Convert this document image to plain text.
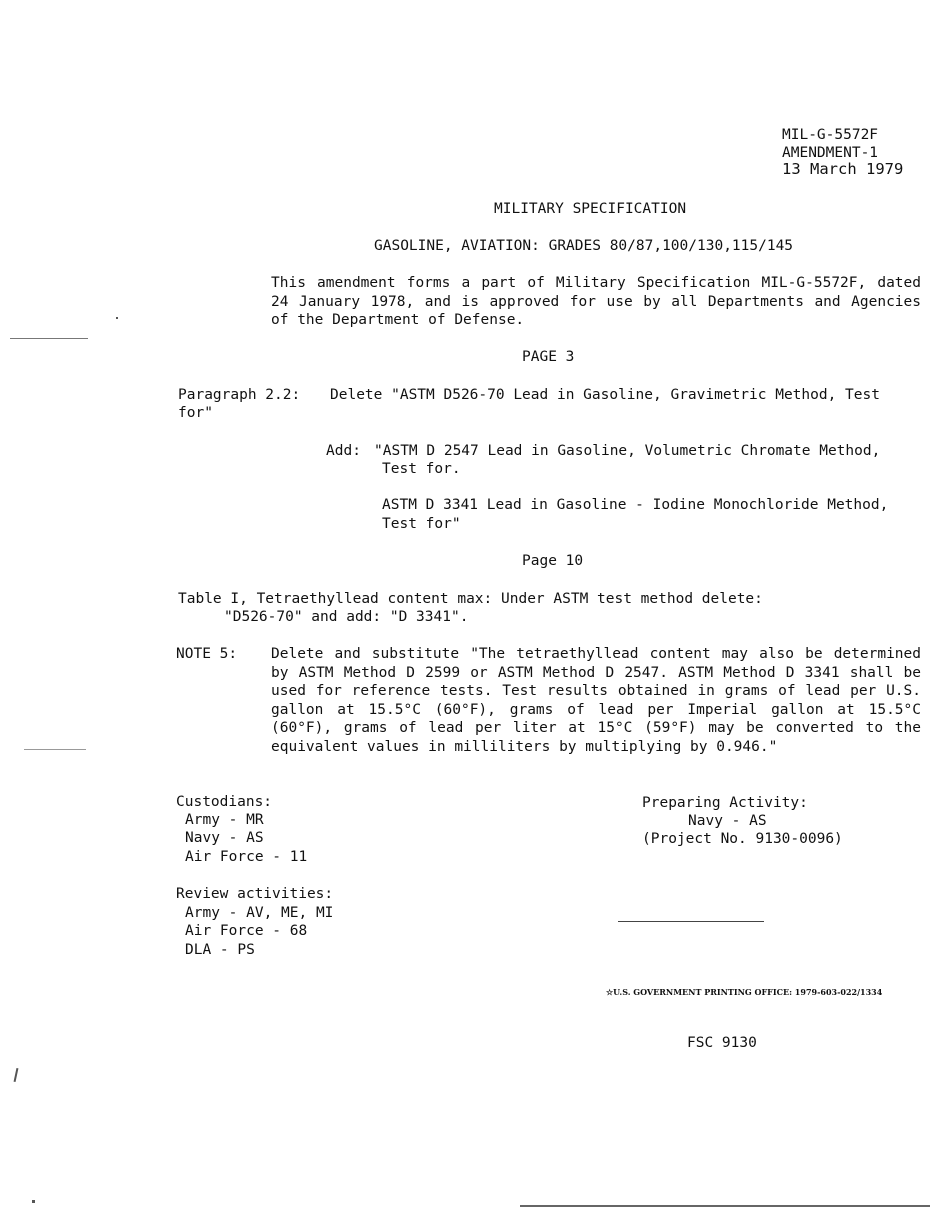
MIL-G-5572F
AMENDMENT-1
13 March 1979
MILITARY SPECIFICATION
GASOLINE, AVIATION: GRADES 80/87,100/130,115/145
This amendment forms a part of Military Specification MIL-G-5572F, dated 24 January 1978, and is approved for use by all Departments and Agencies of the Department of Defense.
PAGE 3
Paragraph 2.2: Delete "ASTM D526-70 Lead in Gasoline, Gravimetric Method, Test
for"
Add: "ASTM D 2547 Lead in Gasoline, Volumetric Chromate Method,
Test for.
ASTM D 3341 Lead in Gasoline - Iodine Monochloride Method,
Test for"
Page 10
Table I, Tetraethyllead content max: Under ASTM test method delete:
"D526-70" and add: "D 3341".
NOTE 5: Delete and substitute "The tetraethyllead content may also be determined by ASTM Method D 2599 or ASTM Method D 2547. ASTM Method D 3341 shall be used for reference tests. Test results obtained in grams of lead per U.S. gallon at 15.5°C (60°F), grams of lead per Imperial gallon at 15.5°C (60°F), grams of lead per liter at 15°C (59°F) may be converted to the equivalent values in milliliters by multiplying by 0.946."
Custodians:
Army - MR
Navy - AS
Air Force - 11
Preparing Activity:
Navy - AS
(Project No. 9130-0096)
Review activities:
Army - AV, ME, MI
Air Force - 68
DLA - PS
☆U.S. GOVERNMENT PRINTING OFFICE: 1979-603-022/1334
FSC 9130
